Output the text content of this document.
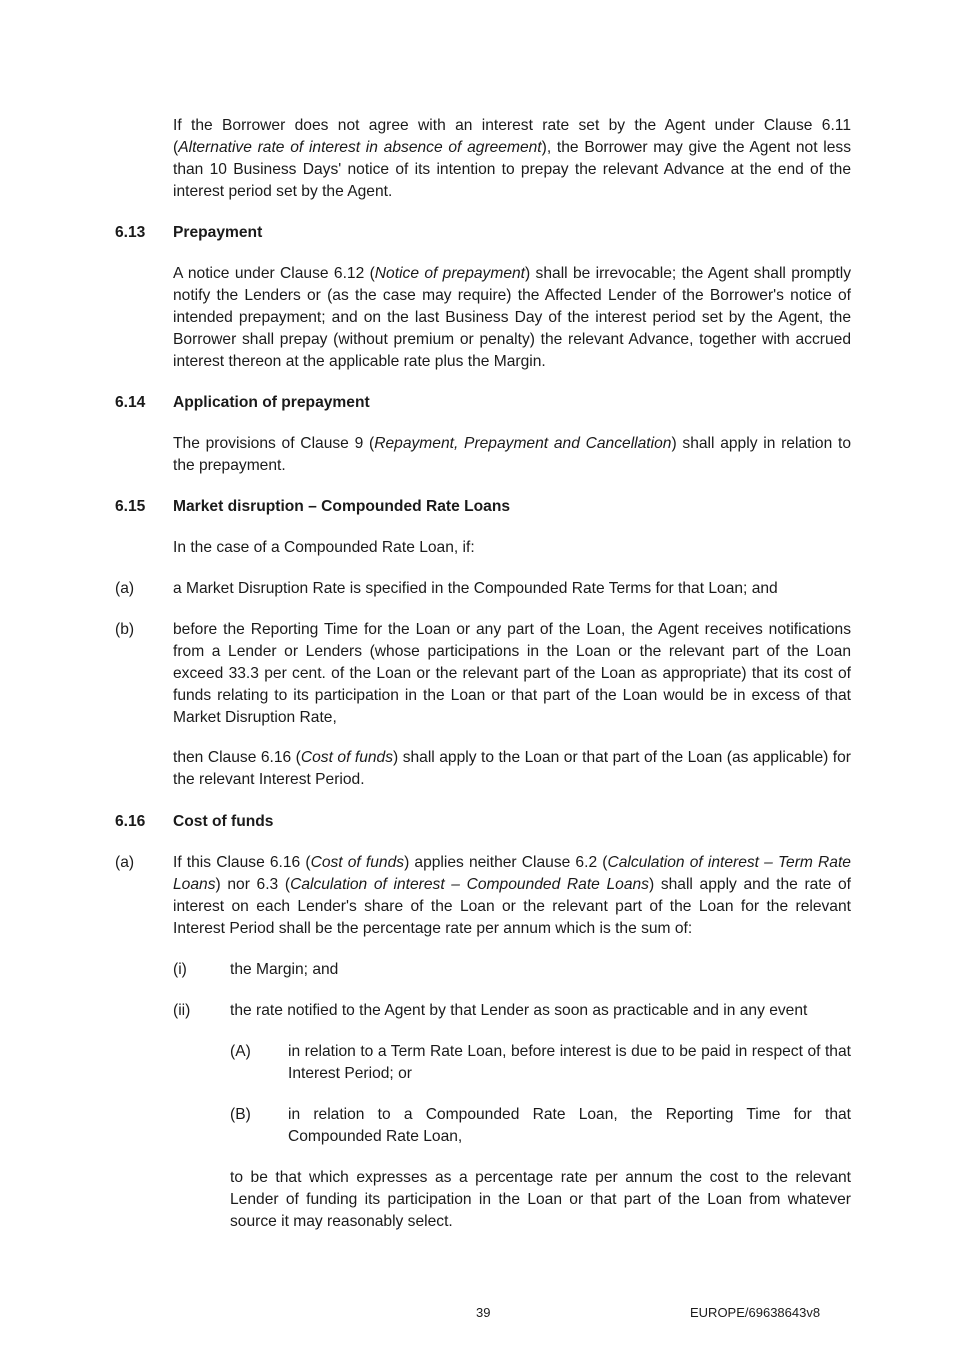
If the Borrower does not agree with an interest rate set by the Agent under Clause 6.11 (Alternative rate of interest in absence of agreement), the Borrower may give the Agent not less than 10 Business Days' notice of its intention to prepay the relevant Advance at the end of the interest period set by the Agent.

6.13 Prepayment

A notice under Clause 6.12 (Notice of prepayment) shall be irrevocable; the Agent shall promptly notify the Lenders or (as the case may require) the Affected Lender of the Borrower's notice of intended prepayment; and on the last Business Day of the interest period set by the Agent, the Borrower shall prepay (without premium or penalty) the relevant Advance, together with accrued interest thereon at the applicable rate plus the Margin.

6.14 Application of prepayment

The provisions of Clause 9 (Repayment, Prepayment and Cancellation) shall apply in relation to the prepayment.

6.15 Market disruption – Compounded Rate Loans

In the case of a Compounded Rate Loan, if:

(a) a Market Disruption Rate is specified in the Compounded Rate Terms for that Loan; and

(b) before the Reporting Time for the Loan or any part of the Loan, the Agent receives notifications from a Lender or Lenders (whose participations in the Loan or the relevant part of the Loan exceed 33.3 per cent. of the Loan or the relevant part of the Loan as appropriate) that its cost of funds relating to its participation in the Loan or that part of the Loan would be in excess of that Market Disruption Rate,

then Clause 6.16 (Cost of funds) shall apply to the Loan or that part of the Loan (as applicable) for the relevant Interest Period.

6.16 Cost of funds
(a) If this Clause 6.16 (Cost of funds) applies neither Clause 6.2 (Calculation of interest – Term Rate Loans) nor 6.3 (Calculation of interest – Compounded Rate Loans) shall apply and the rate of interest on each Lender's share of the Loan or the relevant part of the Loan for the relevant Interest Period shall be the percentage rate per annum which is the sum of:

(i)	the Margin; and

(ii)	the rate notified to the Agent by that Lender as soon as practicable and in any event

(A) in relation to a Term Rate Loan, before interest is due to be paid in respect of that Interest Period; or

(B) in relation to a Compounded Rate Loan, the Reporting Time for that Compounded Rate Loan,

to be that which expresses as a percentage rate per annum the cost to the relevant Lender of funding its participation in the Loan or that part of the Loan from whatever source it may reasonably select.

39	EUROPE/69638643v8
